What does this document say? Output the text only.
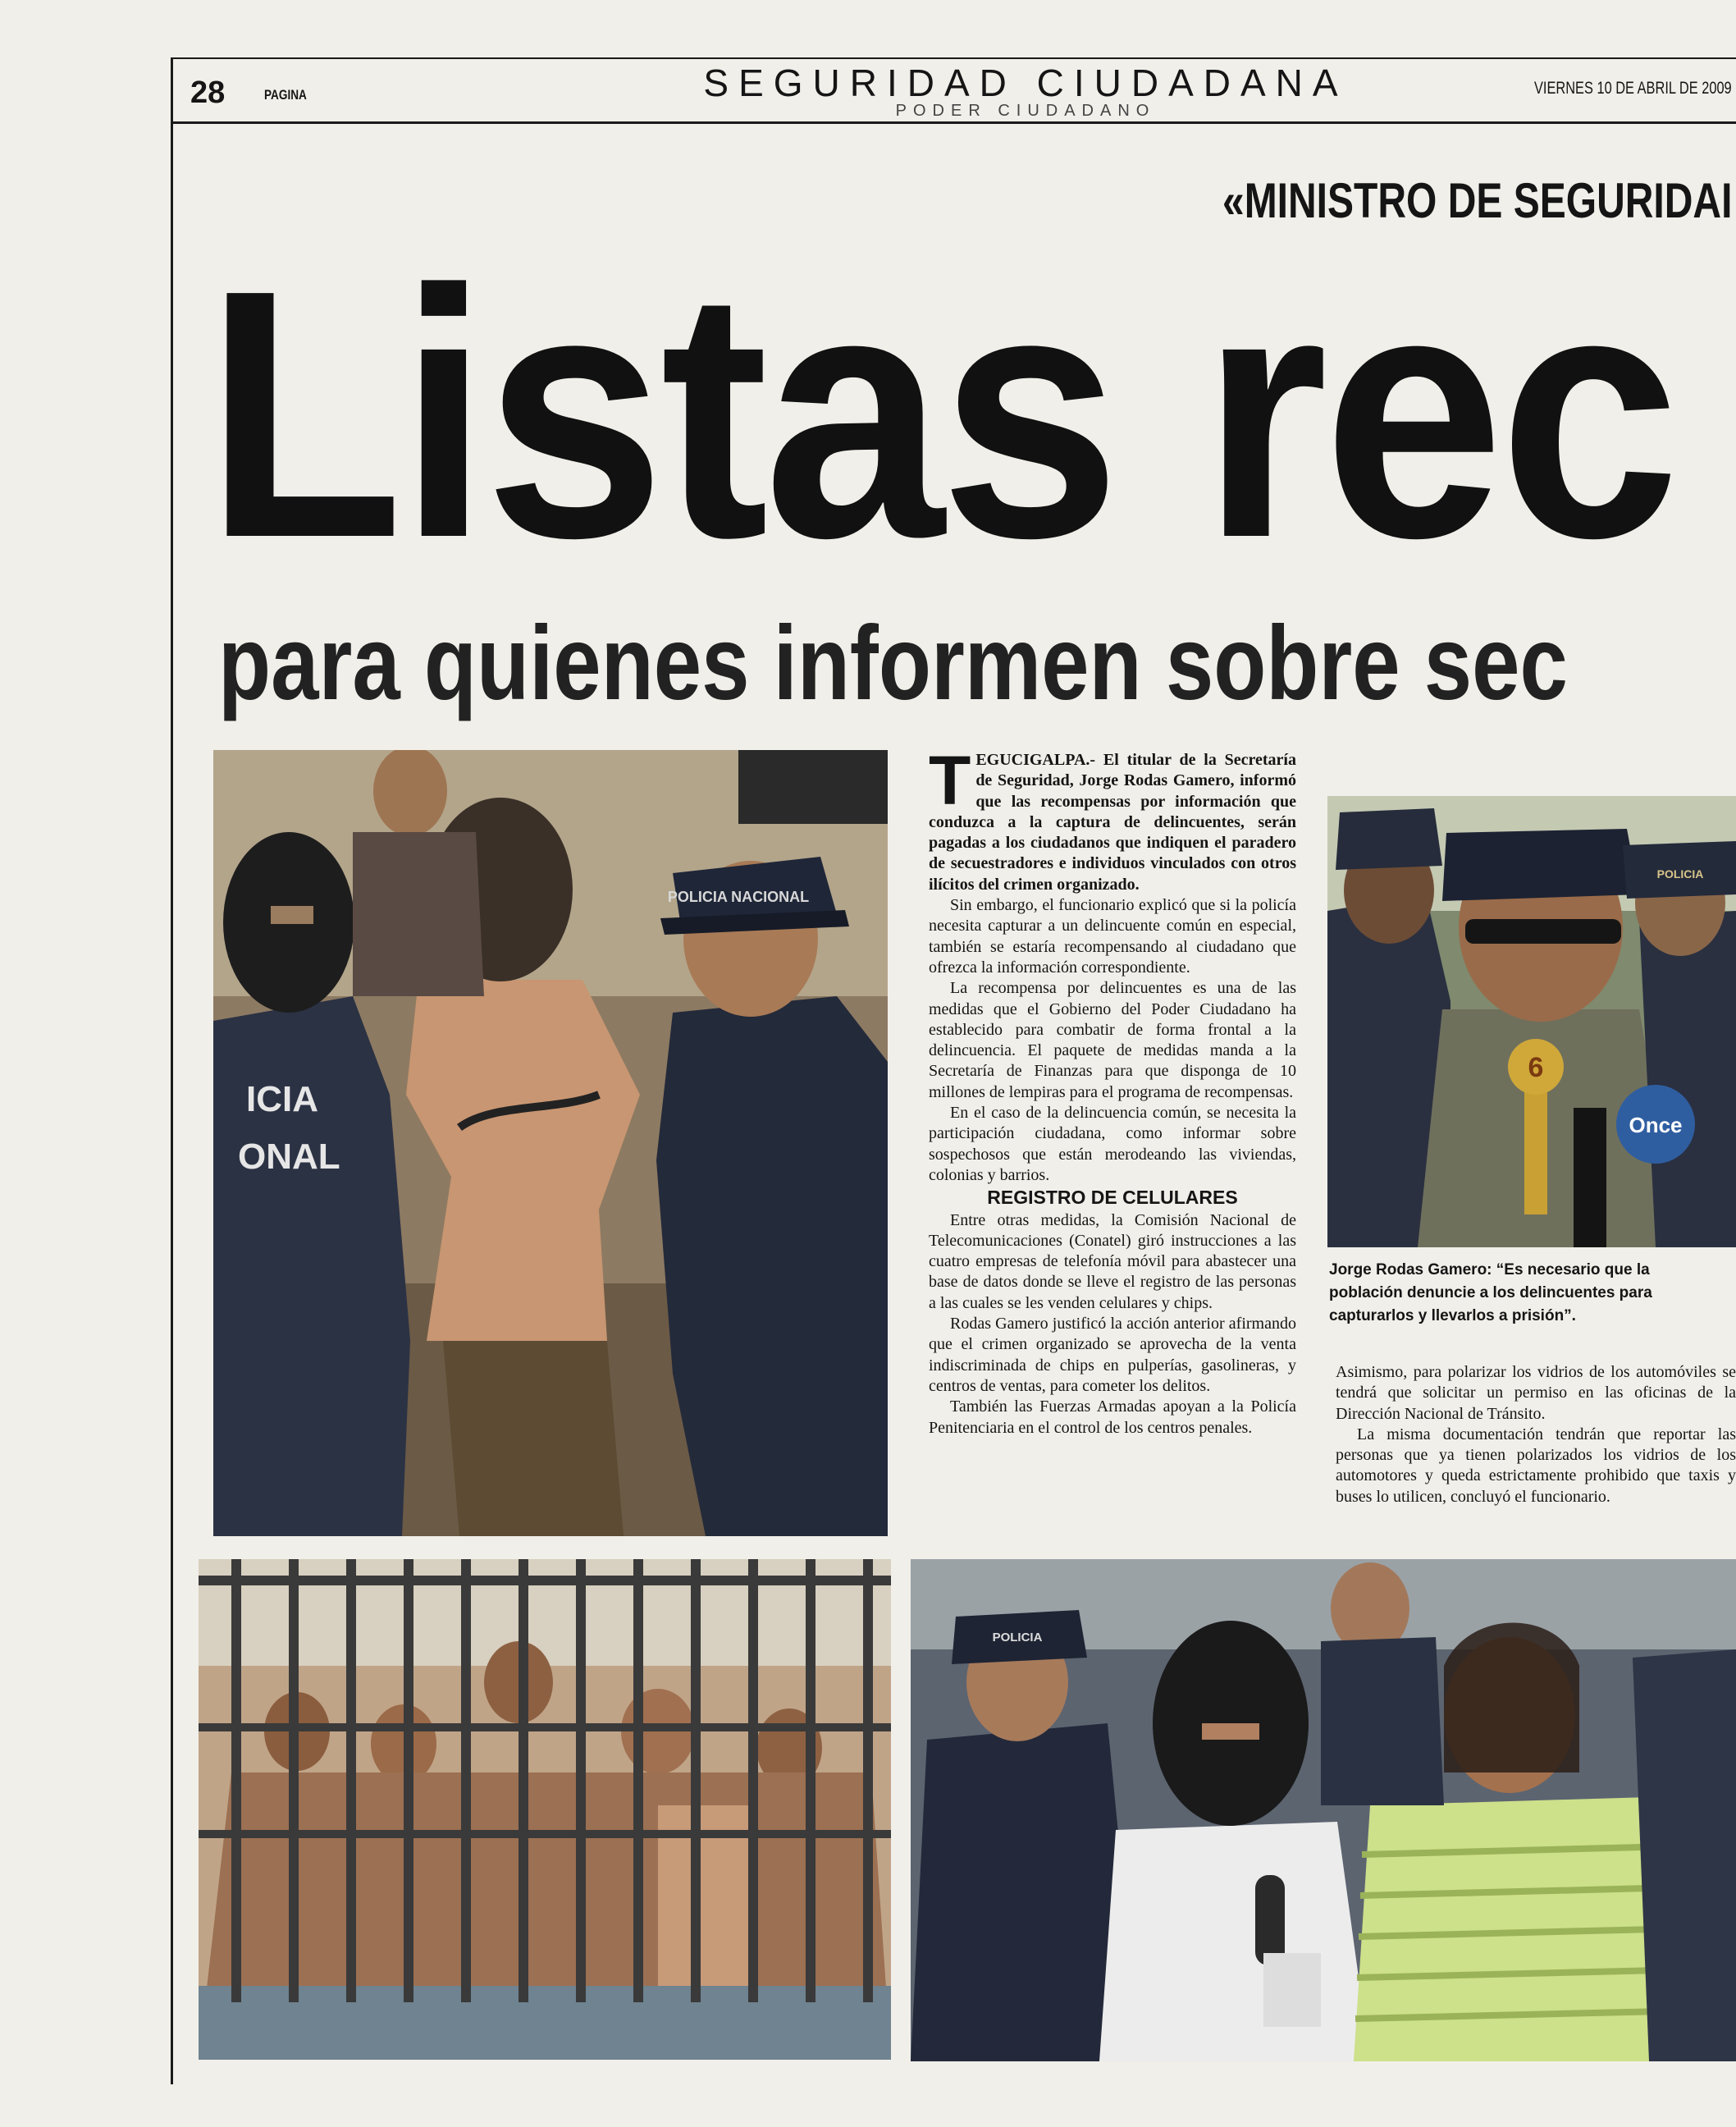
28	PAGINA	SEGURIDAD CIUDADANA
PODER CIUDADANO
VIERNES 10 DE ABRIL DE 2009
«MINISTRO DE SEGURIDAI
Listas rec
para quienes informen sobre sec
POLICIA NACIONAL
ICIA
ONAL

T EGUCIGALPA.- El titular de la Secretaría de Seguridad, Jorge Rodas Gamero, informó que las recompensas por información que conduzca a la captura de delincuentes, serán pagadas a los ciudadanos que indiquen el paradero de secuestradores e individuos vinculados con otros ilícitos del crimen organizado.

Sin embargo, el funcionario explicó que si la policía necesita capturar a un delincuente común en especial, también se estaría recompensando al ciudadano que ofrezca la información correspondiente.

La recompensa por delincuentes es una de las medidas que el Gobierno del Poder Ciudadano ha establecido para combatir de forma frontal a la delincuencia. El paquete de medidas manda a la Secretaría de Finanzas para que disponga de 10 millones de lempiras para el programa de recompensas.

En el caso de la delincuencia común, se necesita la participación ciudadana, como informar sobre sospechosos que están merodeando las viviendas, colonias y barrios.

REGISTRO DE CELULARES

Entre otras medidas, la Comisión Nacional de Telecomunicaciones (Conatel) giró instrucciones a las cuatro empresas de telefonía móvil para abastecer una base de datos donde se lleve el registro de las personas a las cuales se les venden celulares y chips.

Rodas Gamero justificó la acción anterior afirmando que el crimen organizado se aprovecha de la venta indiscriminada de chips en pulperías, gasolineras, y centros de ventas, para cometer los delitos.

También las Fuerzas Armadas apoyan a la Policía Penitenciaria en el control de los centros penales.

POLICIA
6
Once
Jorge Rodas Gamero: “Es necesario que la población denuncie a los delincuentes para capturarlos y llevarlos a prisión”.

Asimismo, para polarizar los vidrios de los automóviles se tendrá que solicitar un permiso en las oficinas de la Dirección Nacional de Tránsito.

La misma documentación tendrán que reportar las personas que ya tienen polarizados los vidrios de los automotores y queda estrictamente prohibido que taxis y buses lo utilicen, concluyó el funcionario.

POLICIA
